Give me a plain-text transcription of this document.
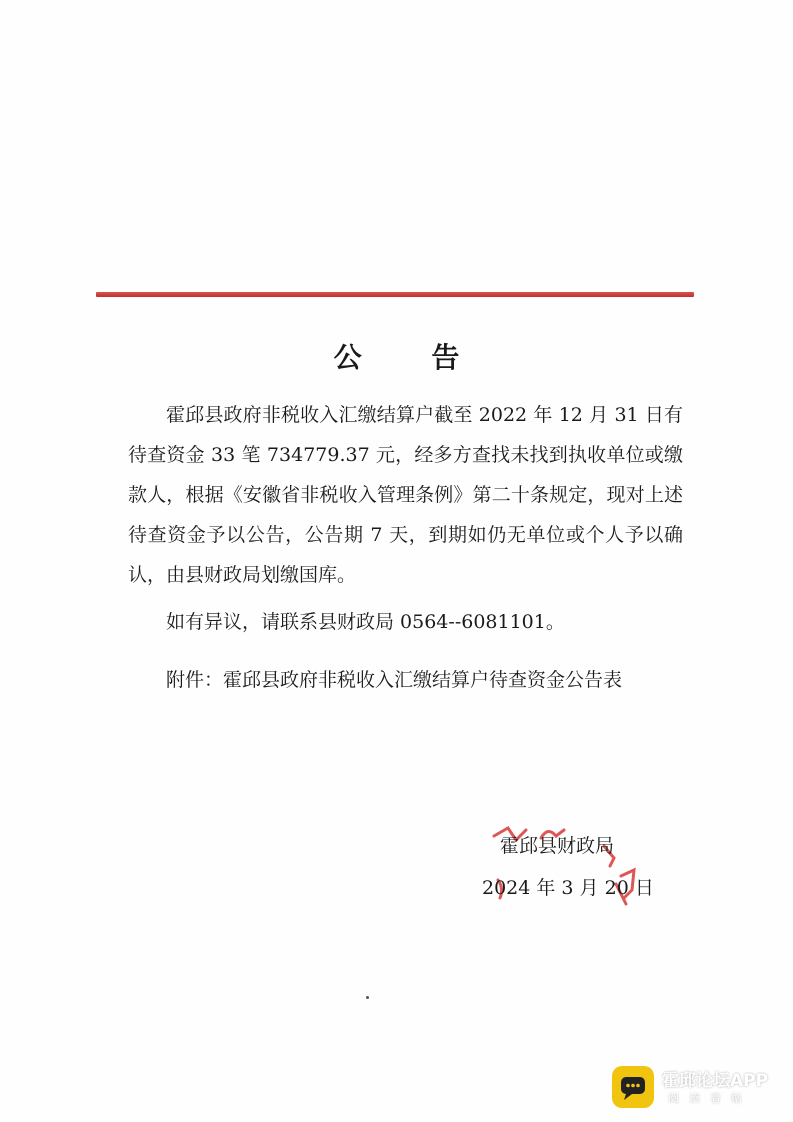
公 告

霍邱县政府非税收入汇缴结算户截至 2022 年 12 月 31 日有待查资金 33 笔 734779.37 元，经多方查找未找到执收单位或缴款人，根据《安徽省非税收入管理条例》第二十条规定，现对上述待查资金予以公告，公告期 7 天，到期如仍无单位或个人予以确认，由县财政局划缴国库。

如有异议，请联系县财政局 0564--6081101。

附件：霍邱县政府非税收入汇缴结算户待查资金公告表

霍邱县财政局
2024 年 3 月 20 日
霍邱论坛APP
阅读看帖
